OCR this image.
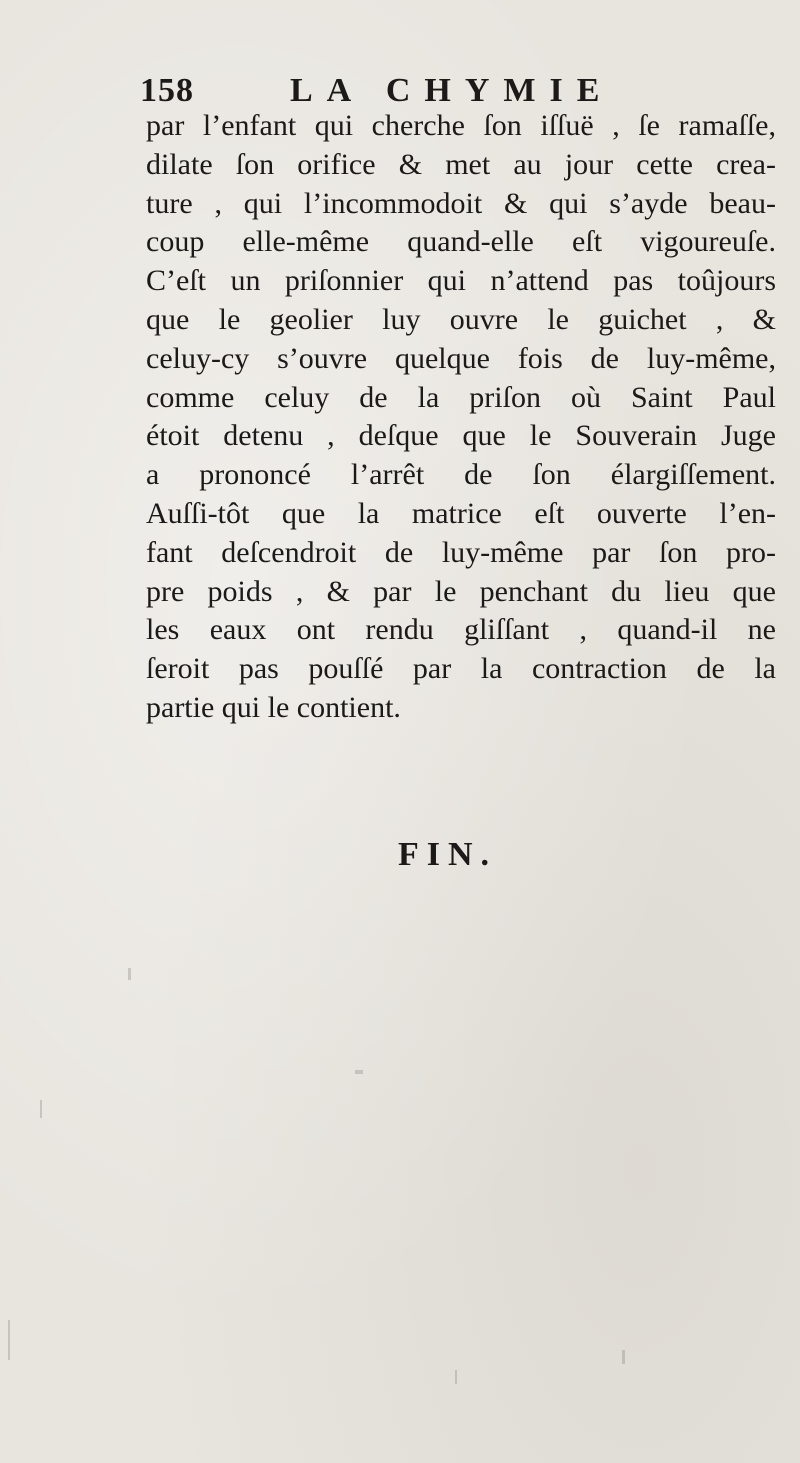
158	LA CHYMIE
par l’enfant qui cherche ſon iſſuë , ſe ramaſſe,
dilate ſon orifice & met au jour cette crea-
ture , qui l’incommodoit & qui s’ayde beau-
coup elle-même quand-elle eſt vigoureuſe.
C’eſt un priſonnier qui n’attend pas toûjours
que le geolier luy ouvre le guichet , &
celuy-cy s’ouvre quelque fois de luy-même,
comme celuy de la priſon où Saint Paul
étoit detenu , deſque que le Souverain Juge
a prononcé l’arrêt de ſon élargiſſement.
Auſſi-tôt que la matrice eſt ouverte l’en-
fant deſcendroit de luy-même par ſon pro-
pre poids , & par le penchant du lieu que
les eaux ont rendu gliſſant , quand-il ne
ſeroit pas pouſſé par la contraction de la
partie qui le contient.
FIN.
